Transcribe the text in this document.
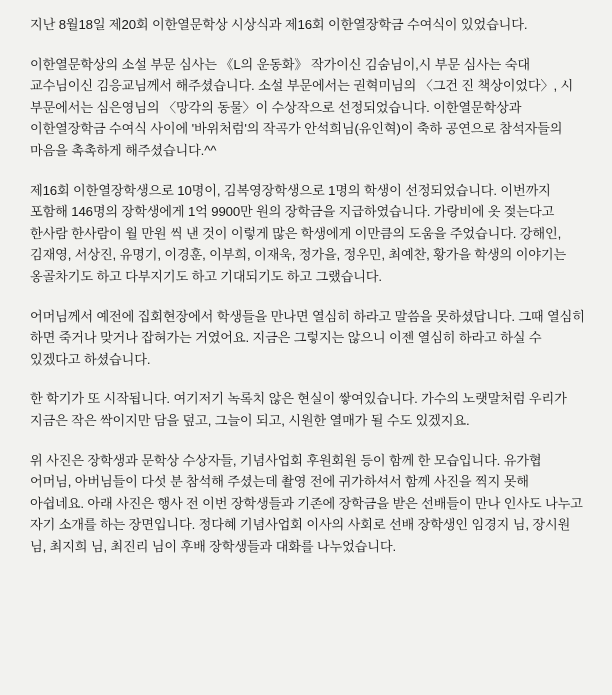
지난 8월18일 제20회 이한열문학상 시상식과 제16회 이한열장학금 수여식이 있었습니다.

이한열문학상의 소설 부문 심사는 《L의 운동화》 작가이신 김숨님이,시 부문 심사는 숙대 교수님이신 김응교님께서 해주셨습니다. 소설 부문에서는 권혁미님의 〈그건 진 책상이었다〉, 시 부문에서는 심은영님의 〈망각의 동물〉이 수상작으로 선정되었습니다. 이한열문학상과 이한열장학금 수여식 사이에 '바위처럼'의 작곡가 안석희님(유인혁)이 축하 공연으로 참석자들의 마음을 촉촉하게 해주셨습니다.^^

제16회 이한열장학생으로 10명이, 김복영장학생으로 1명의 학생이 선정되었습니다. 이번까지 포함해 146명의 장학생에게 1억 9900만 원의 장학금을 지급하였습니다. 가랑비에 옷 젖는다고 한사람 한사람이 월 만원 씩 낸 것이 이렇게 많은 학생에게 이만큼의 도움을 주었습니다. 강해인, 김재영, 서상진, 유명기, 이경훈, 이부희, 이재욱, 정가을, 정우민, 최예찬, 황가을 학생의 이야기는 옹골차기도 하고 다부지기도 하고 기대되기도 하고 그랬습니다.

어머님께서 예전에 집회현장에서 학생들을 만나면 열심히 하라고 말씀을 못하셨답니다. 그때 열심히 하면 죽거나 맞거나 잡혀가는 거였어요. 지금은 그렇지는 않으니 이젠 열심히 하라고 하실 수 있겠다고 하셨습니다.

한 학기가 또 시작됩니다. 여기저기 녹록치 않은 현실이 쌓여있습니다. 가수의 노랫말처럼 우리가 지금은 작은 싹이지만 담을 덮고, 그늘이 되고, 시원한 열매가 될 수도 있겠지요.

위 사진은 장학생과 문학상 수상자들, 기념사업회 후원회원 등이 함께 한 모습입니다. 유가협 어머님, 아버님들이 다섯 분 참석해 주셨는데 촬영 전에 귀가하셔서 함께 사진을 찍지 못해 아쉽네요. 아래 사진은 행사 전 이번 장학생들과 기존에 장학금을 받은 선배들이 만나 인사도 나누고 자기 소개를 하는 장면입니다. 정다혜 기념사업회 이사의 사회로 선배 장학생인 임경지 님, 장시원 님, 최지희 님, 최진리 님이 후배 장학생들과 대화를 나누었습니다.
